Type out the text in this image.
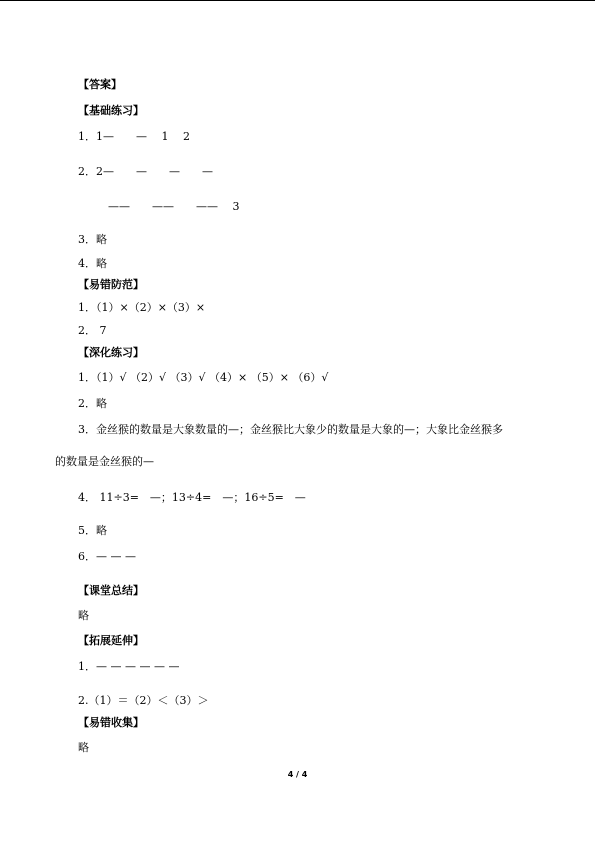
【答案】
【基础练习】
1．1—　　—　 1　 2
2．2—　　—　　—　　—
——　　——　　——　 3
3．略
4．略
【易错防范】
1．（1）×（2）×（3）×
2． 7
【深化练习】
1．（1）√ （2）√ （3）√ （4）× （5）× （6）√
2．略
3．金丝猴的数量是大象数量的—；金丝猴比大象少的数量是大象的—；大象比金丝猴多
的数量是金丝猴的—
4． 11÷3=　—；13÷4=　—；16÷5=　—
5．略
6．— — —
【课堂总结】
略
【拓展延伸】
1．— — — — — —
2.（1）＝（2）＜（3）＞
【易错收集】
略
4 / 4
